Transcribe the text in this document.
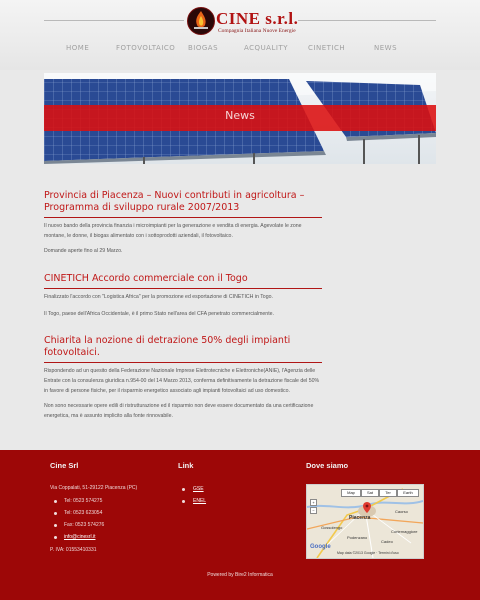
CINE s.r.l.
Compagnia Italiana Nuove Energie
HOME	FOTOVOLTAICO BIOGAS	ACQUALITY	CINETICH	NEWS
News
Provincia di Piacenza – Nuovi contributi in agricoltura – Programma di sviluppo rurale 2007/2013

Il nuovo bando della provincia finanzia i microimpianti per la generazione e vendita di energia. Agevolate le zone montane, le donne, il biogas alimentato con i sottoprodotti aziendali, il fotovoltaico.

Domande aperte fino al 29 Marzo.

CINETICH Accordo commerciale con il Togo

Finalizzato l'accordo con "Logistica Africa" per la promozione ed esportazione di CINETICH in Togo.

Il Togo, paese dell'Africa Occidentale, è il primo Stato nell'area del CFA penetrato commercialmente.

Chiarita la nozione di detrazione 50% degli impianti fotovoltaici.

Rispondendo ad un quesito della Federazione Nazionale Imprese Elettrotecniche e Elettroniche(ANIE), l'Agenzia delle Entrate con la consulenza giuridica n.954-00 del 14 Marzo 2013, conferma definitivamente la detrazione fiscale del 50% in favore di persone fisiche, per il risparmio energetico associato agli impianti fotovoltaici ad uso domestico.

Non sono necessarie opere edili di ristrutturazione ed il risparmio non deve essere documentato da una certificazione energetica, ma è assunto implicito alla fonte rinnovabile.

Cine Srl
Via Coppalati, 51-29122 Piacenza (PC)
Tel: 0523 574275
Tel: 0523 623054
Fax: 0523 574276
info@cinesrl.it
P. IVA: 01553410331
Link
GSE
ENEL
Dove siamo
Map	Sat	Ter	Earth
+
−
Piacenza
Caorso
Gossolengo
Podenzano
Cortemaggiore
Cadeo
Google
Map data ©2013 Google · Termini d'uso
Powered by Bire2 Informatica
